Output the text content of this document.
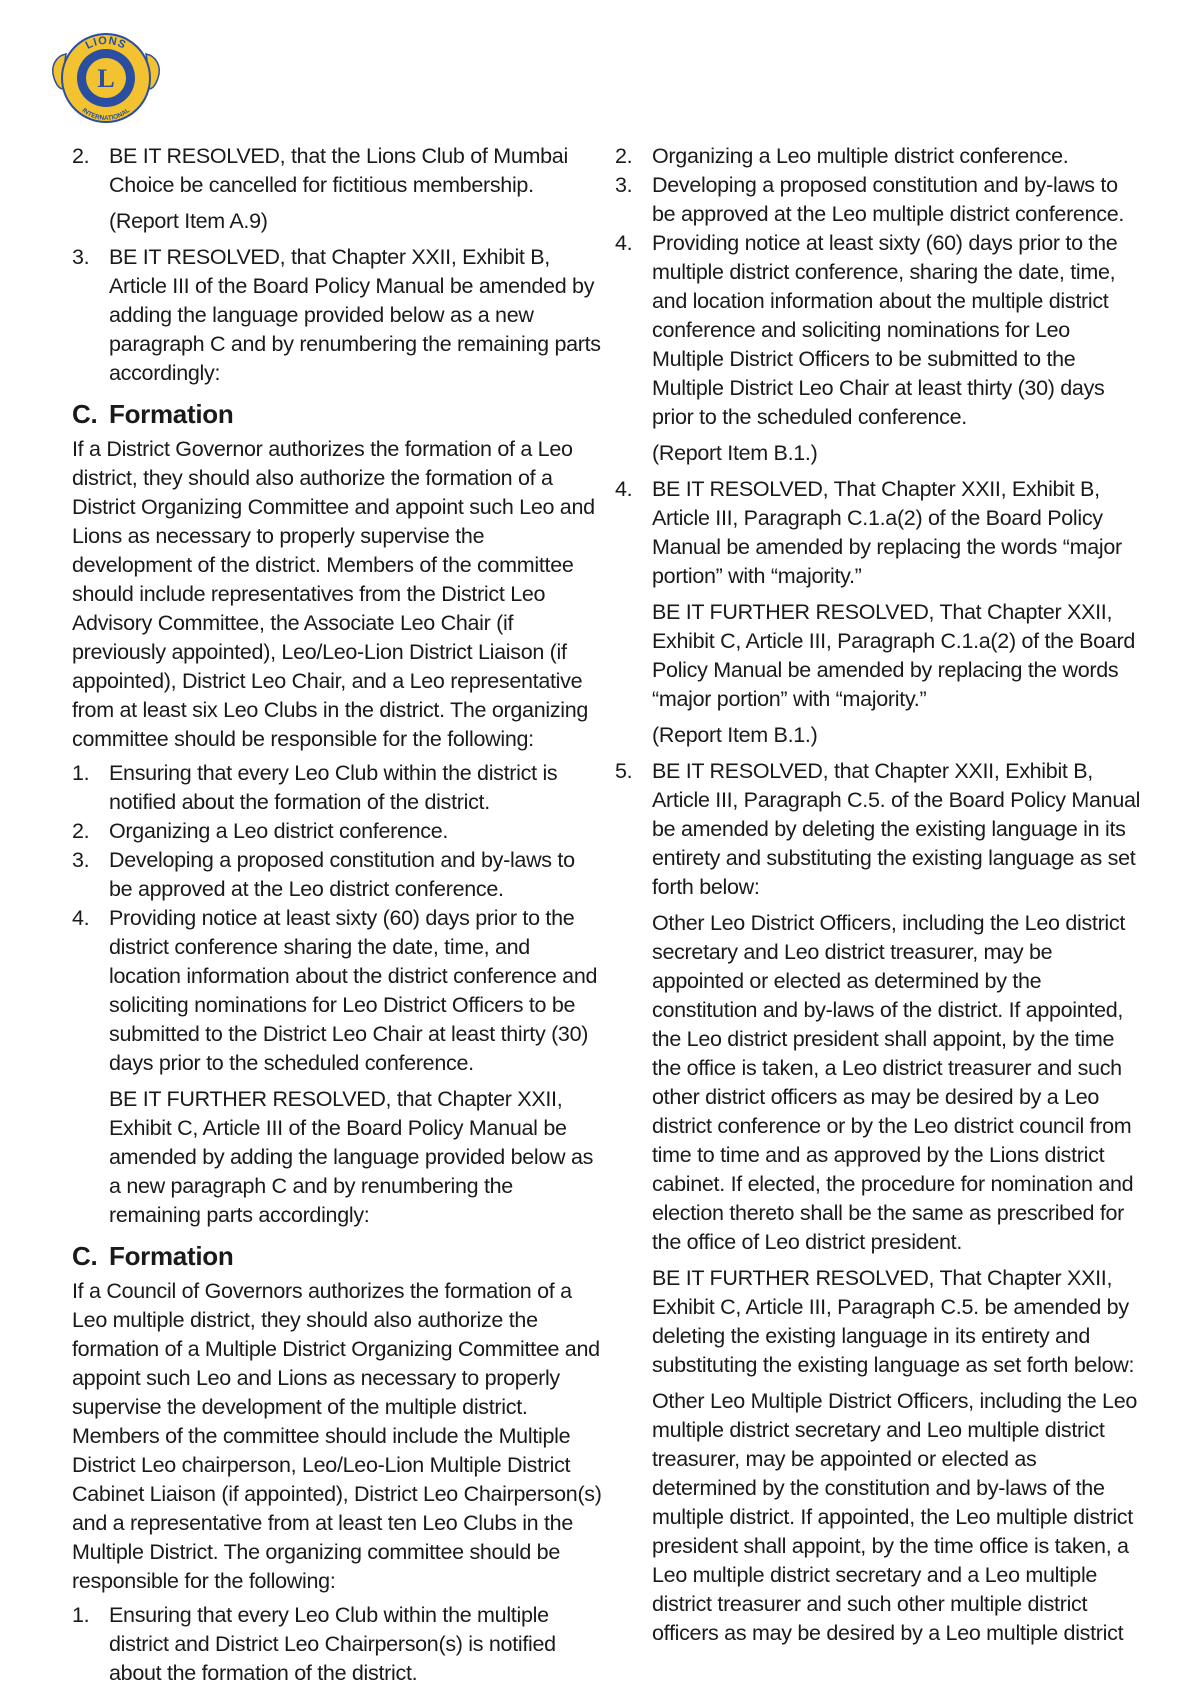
LIONS
INTERNATIONAL
L
2. BE IT RESOLVED, that the Lions Club of Mumbai Choice be cancelled for fictitious membership.
(Report Item A.9)
3. BE IT RESOLVED, that Chapter XXII, Exhibit B, Article III of the Board Policy Manual be amended by adding the language provided below as a new paragraph C and by renumbering the remaining parts accordingly:
C. Formation
If a District Governor authorizes the formation of a Leo district, they should also authorize the formation of a District Organizing Committee and appoint such Leo and Lions as necessary to properly supervise the development of the district. Members of the committee should include representatives from the District Leo Advisory Committee, the Associate Leo Chair (if previously appointed), Leo/Leo-Lion District Liaison (if appointed), District Leo Chair, and a Leo representative from at least six Leo Clubs in the district. The organizing committee should be responsible for the following:
1. Ensuring that every Leo Club within the district is notified about the formation of the district.
2. Organizing a Leo district conference.
3. Developing a proposed constitution and by-laws to be approved at the Leo district conference.
4. Providing notice at least sixty (60) days prior to the district conference sharing the date, time, and location information about the district conference and soliciting nominations for Leo District Officers to be submitted to the District Leo Chair at least thirty (30) days prior to the scheduled conference.
BE IT FURTHER RESOLVED, that Chapter XXII, Exhibit C, Article III of the Board Policy Manual be amended by adding the language provided below as a new paragraph C and by renumbering the remaining parts accordingly:
C. Formation
If a Council of Governors authorizes the formation of a Leo multiple district, they should also authorize the formation of a Multiple District Organizing Committee and appoint such Leo and Lions as necessary to properly supervise the development of the multiple district. Members of the committee should include the Multiple District Leo chairperson, Leo/Leo-Lion Multiple District Cabinet Liaison (if appointed), District Leo Chairperson(s) and a representative from at least ten Leo Clubs in the Multiple District. The organizing committee should be responsible for the following:
1. Ensuring that every Leo Club within the multiple district and District Leo Chairperson(s) is notified about the formation of the district.
2. Organizing a Leo multiple district conference.
3. Developing a proposed constitution and by-laws to be approved at the Leo multiple district conference.
4. Providing notice at least sixty (60) days prior to the multiple district conference, sharing the date, time, and location information about the multiple district conference and soliciting nominations for Leo Multiple District Officers to be submitted to the Multiple District Leo Chair at least thirty (30) days prior to the scheduled conference.
(Report Item B.1.)
4. BE IT RESOLVED, That Chapter XXII, Exhibit B, Article III, Paragraph C.1.a(2) of the Board Policy Manual be amended by replacing the words “major portion” with “majority.”
BE IT FURTHER RESOLVED, That Chapter XXII, Exhibit C, Article III, Paragraph C.1.a(2) of the Board Policy Manual be amended by replacing the words “major portion” with “majority.”
(Report Item B.1.)
5. BE IT RESOLVED, that Chapter XXII, Exhibit B, Article III, Paragraph C.5. of the Board Policy Manual be amended by deleting the existing language in its entirety and substituting the existing language as set forth below:
Other Leo District Officers, including the Leo district secretary and Leo district treasurer, may be appointed or elected as determined by the constitution and by-laws of the district. If appointed, the Leo district president shall appoint, by the time the office is taken, a Leo district treasurer and such other district officers as may be desired by a Leo district conference or by the Leo district council from time to time and as approved by the Lions district cabinet. If elected, the procedure for nomination and election thereto shall be the same as prescribed for the office of Leo district president.
BE IT FURTHER RESOLVED, That Chapter XXII, Exhibit C, Article III, Paragraph C.5. be amended by deleting the existing language in its entirety and substituting the existing language as set forth below:
Other Leo Multiple District Officers, including the Leo multiple district secretary and Leo multiple district treasurer, may be appointed or elected as determined by the constitution and by-laws of the multiple district. If appointed, the Leo multiple district president shall appoint, by the time office is taken, a Leo multiple district secretary and a Leo multiple district treasurer and such other multiple district officers as may be desired by a Leo multiple district
